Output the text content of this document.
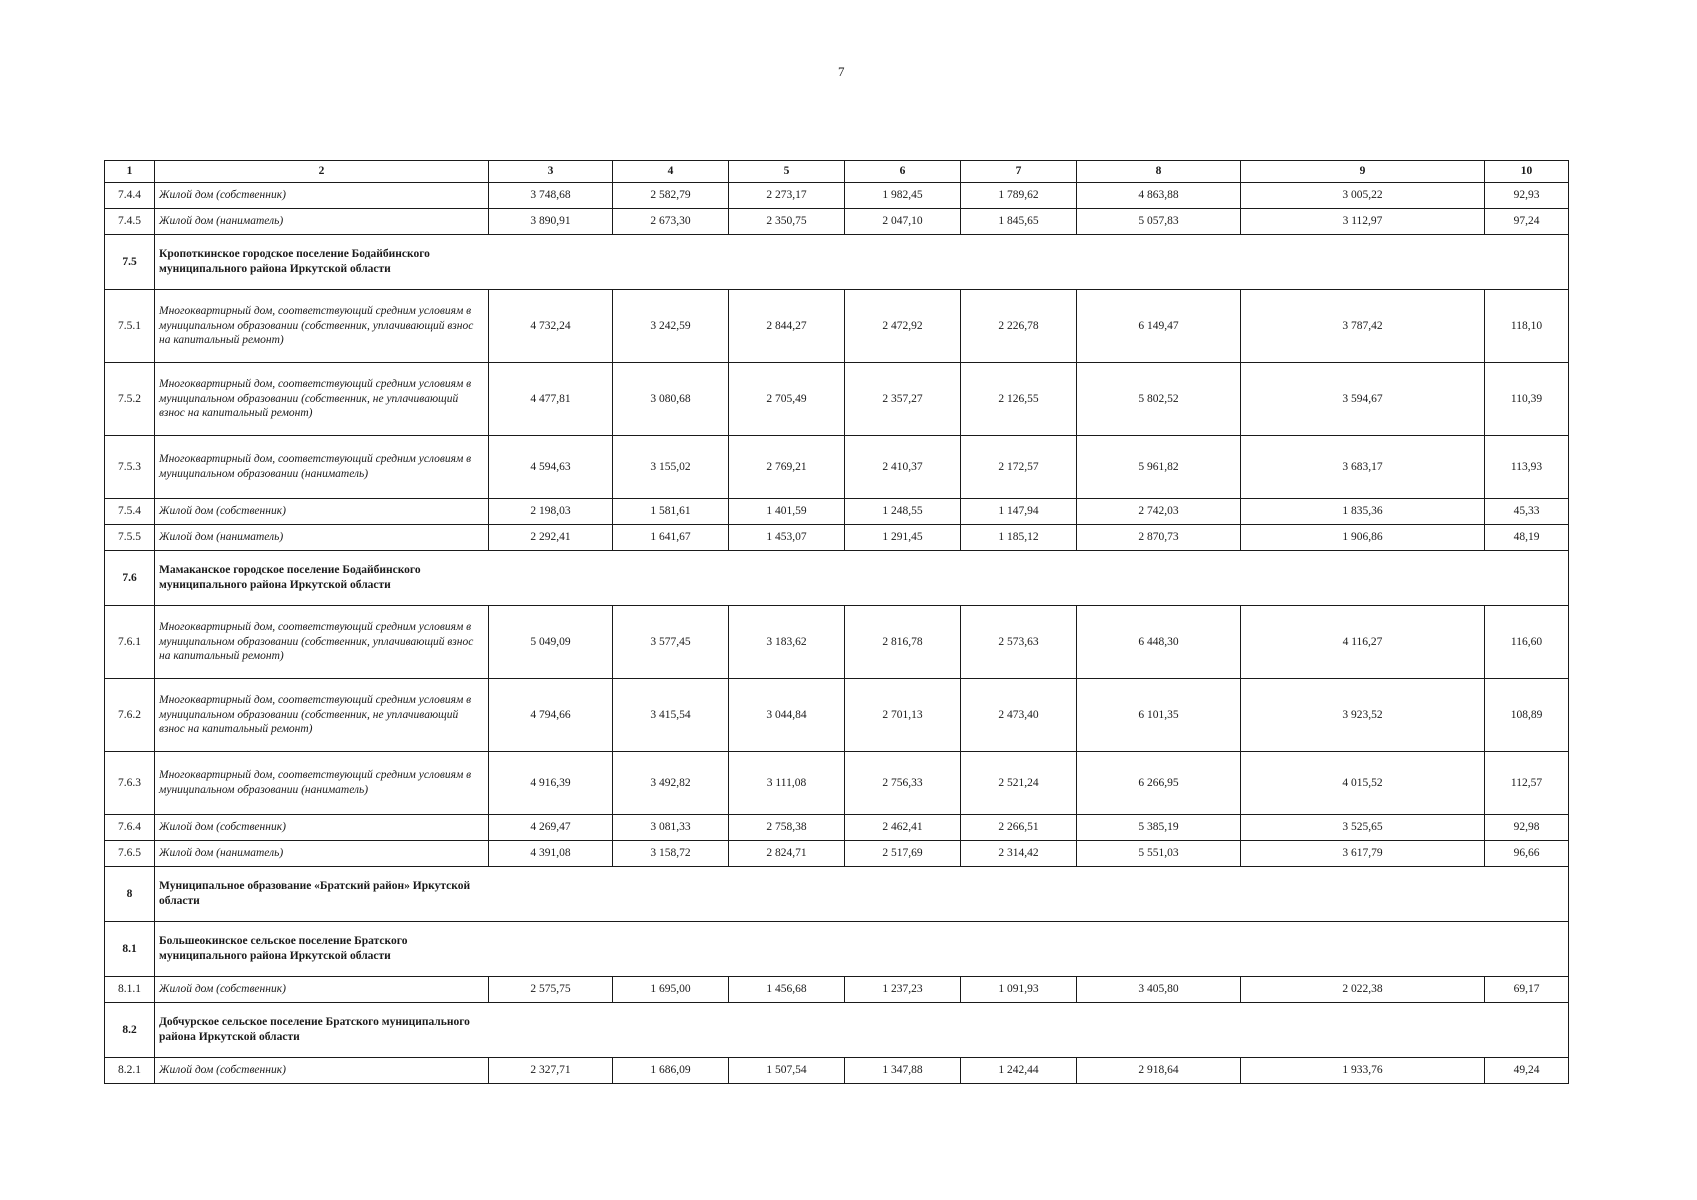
7
1	2	3	4	5	6	7	8	9	10
7.4.4	Жилой дом (собственник)	3 748,68	2 582,79	2 273,17	1 982,45	1 789,62	4 863,88	3 005,22	92,93
7.4.5	Жилой дом (наниматель)	3 890,91	2 673,30	2 350,75	2 047,10	1 845,65	5 057,83	3 112,97	97,24
7.5	Кропоткинское городское поселение Бодайбинского муниципального района Иркутской области								
7.5.1	Многоквартирный дом, соответствующий средним условиям в муниципальном образовании (собственник, уплачивающий взнос на капитальный ремонт)	4 732,24	3 242,59	2 844,27	2 472,92	2 226,78	6 149,47	3 787,42	118,10
7.5.2	Многоквартирный дом, соответствующий средним условиям в муниципальном образовании (собственник, не уплачивающий взнос на капитальный ремонт)	4 477,81	3 080,68	2 705,49	2 357,27	2 126,55	5 802,52	3 594,67	110,39
7.5.3	Многоквартирный дом, соответствующий средним условиям в муниципальном образовании (наниматель)	4 594,63	3 155,02	2 769,21	2 410,37	2 172,57	5 961,82	3 683,17	113,93
7.5.4	Жилой дом (собственник)	2 198,03	1 581,61	1 401,59	1 248,55	1 147,94	2 742,03	1 835,36	45,33
7.5.5	Жилой дом (наниматель)	2 292,41	1 641,67	1 453,07	1 291,45	1 185,12	2 870,73	1 906,86	48,19
7.6	Мамаканское городское поселение Бодайбинского муниципального района Иркутской области								
7.6.1	Многоквартирный дом, соответствующий средним условиям в муниципальном образовании (собственник, уплачивающий взнос на капитальный ремонт)	5 049,09	3 577,45	3 183,62	2 816,78	2 573,63	6 448,30	4 116,27	116,60
7.6.2	Многоквартирный дом, соответствующий средним условиям в муниципальном образовании (собственник, не уплачивающий взнос на капитальный ремонт)	4 794,66	3 415,54	3 044,84	2 701,13	2 473,40	6 101,35	3 923,52	108,89
7.6.3	Многоквартирный дом, соответствующий средним условиям в муниципальном образовании (наниматель)	4 916,39	3 492,82	3 111,08	2 756,33	2 521,24	6 266,95	4 015,52	112,57
7.6.4	Жилой дом (собственник)	4 269,47	3 081,33	2 758,38	2 462,41	2 266,51	5 385,19	3 525,65	92,98
7.6.5	Жилой дом (наниматель)	4 391,08	3 158,72	2 824,71	2 517,69	2 314,42	5 551,03	3 617,79	96,66
8	Муниципальное образование «Братский район» Иркутской области								
8.1	Большеокинское сельское поселение Братского муниципального района Иркутской области								
8.1.1	Жилой дом (собственник)	2 575,75	1 695,00	1 456,68	1 237,23	1 091,93	3 405,80	2 022,38	69,17
8.2	Добчурское сельское поселение Братского муниципального района Иркутской области								
8.2.1	Жилой дом (собственник)	2 327,71	1 686,09	1 507,54	1 347,88	1 242,44	2 918,64	1 933,76	49,24
